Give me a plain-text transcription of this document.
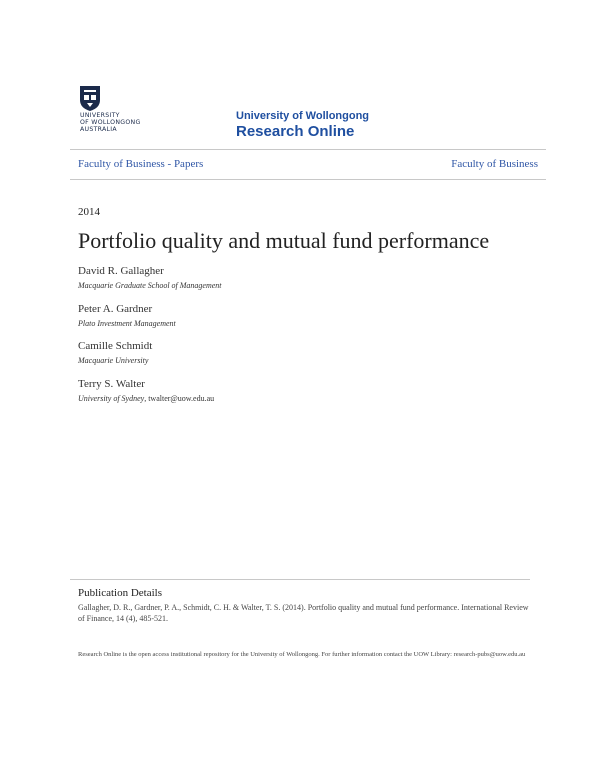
UNIVERSITY
OF WOLLONGONG
AUSTRALIA
University of Wollongong
Research Online
Faculty of Business - Papers	Faculty of Business
2014
Portfolio quality and mutual fund performance
David R. Gallagher
Macquarie Graduate School of Management
Peter A. Gardner
Plato Investment Management
Camille Schmidt
Macquarie University
Terry S. Walter
University of Sydney, twalter@uow.edu.au
Publication Details
Gallagher, D. R., Gardner, P. A., Schmidt, C. H. & Walter, T. S. (2014). Portfolio quality and mutual fund performance. International Review of Finance, 14 (4), 485-521.
Research Online is the open access institutional repository for the University of Wollongong. For further information contact the UOW Library: research-pubs@uow.edu.au
